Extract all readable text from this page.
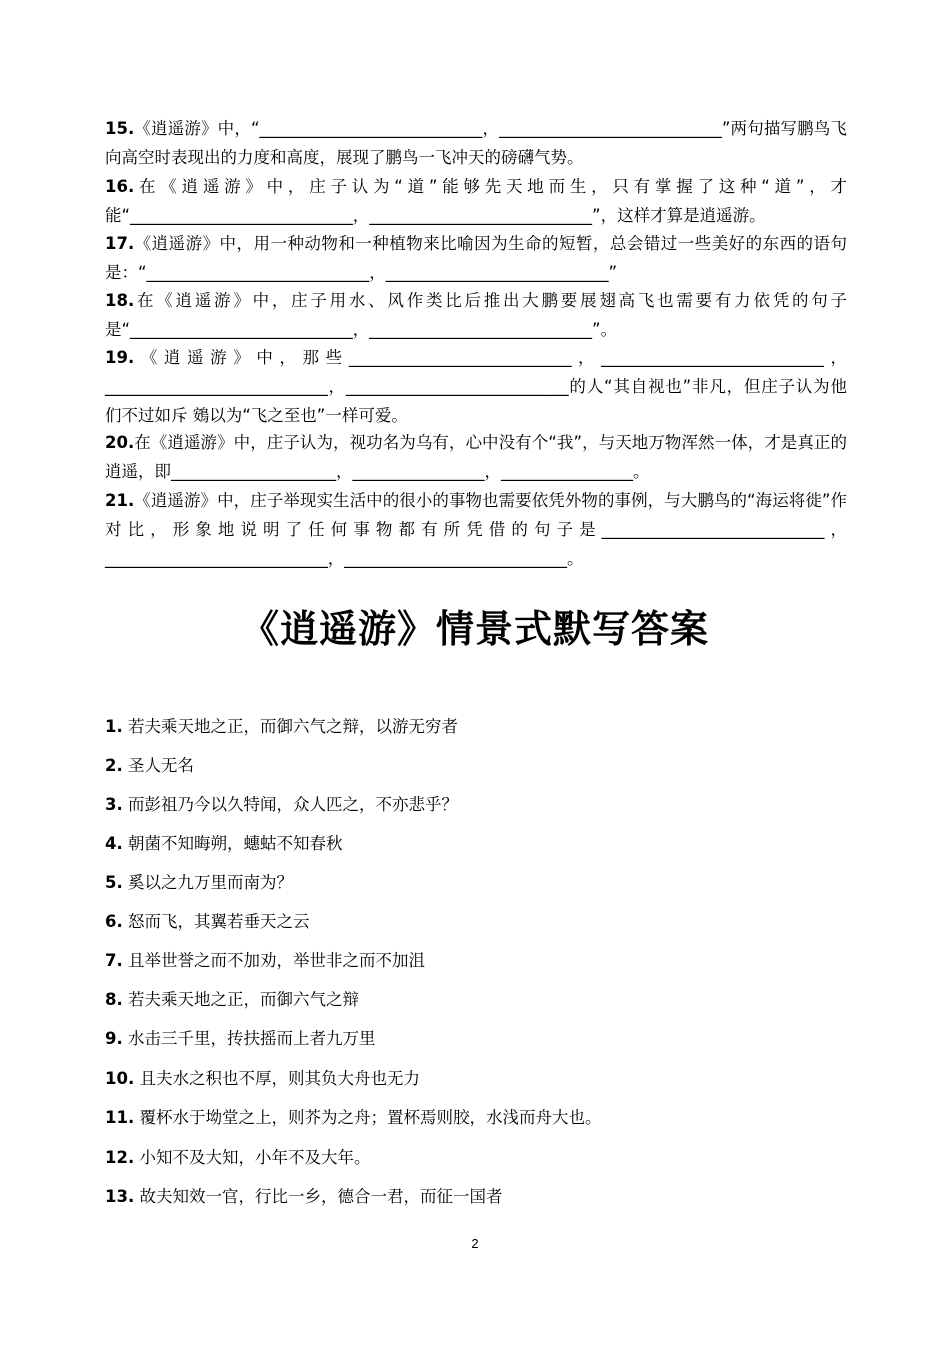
15.《逍遥游》中，“___________________________，___________________________”两句描写鹏鸟飞向高空时表现出的力度和高度，展现了鹏鸟一飞冲天的磅礴气势。
16.在《逍遥游》中，庄子认为“道”能够先天地而生，只有掌握了这种“道”，才能“___________________________，___________________________”，这样才算是逍遥游。
17.《逍遥游》中，用一种动物和一种植物来比喻因为生命的短暂，总会错过一些美好的东西的语句是：“___________________________，___________________________”
18.在《逍遥游》中，庄子用水、风作类比后推出大鹏要展翅高飞也需要有力依凭的句子是“___________________________，___________________________”。
19.《逍遥游》中，那些___________________________，___________________________，___________________________，___________________________的人“其自视也”非凡，但庄子认为他们不过如斥 鴳以为“飞之至也”一样可爱。
20.在《逍遥游》中，庄子认为，视功名为乌有，心中没有个“我”，与天地万物浑然一体，才是真正的逍遥，即____________________，________________，________________。
21.《逍遥游》中，庄子举现实生活中的很小的事物也需要依凭外物的事例，与大鹏鸟的“海运将徙”作对比，形象地说明了任何事物都有所凭借的句子是___________________________，___________________________，___________________________。
《逍遥游》情景式默写答案
1. 若夫乘天地之正，而御六气之辩，以游无穷者
2. 圣人无名
3. 而彭祖乃今以久特闻，众人匹之，不亦悲乎？
4. 朝菌不知晦朔，蟪蛄不知春秋
5. 奚以之九万里而南为？
6. 怒而飞，其翼若垂天之云
7. 且举世誉之而不加劝，举世非之而不加沮
8. 若夫乘天地之正，而御六气之辩
9. 水击三千里，抟扶摇而上者九万里
10. 且夫水之积也不厚，则其负大舟也无力
11. 覆杯水于坳堂之上，则芥为之舟；置杯焉则胶，水浅而舟大也。
12. 小知不及大知，小年不及大年。
13. 故夫知效一官，行比一乡，德合一君，而征一国者
2
